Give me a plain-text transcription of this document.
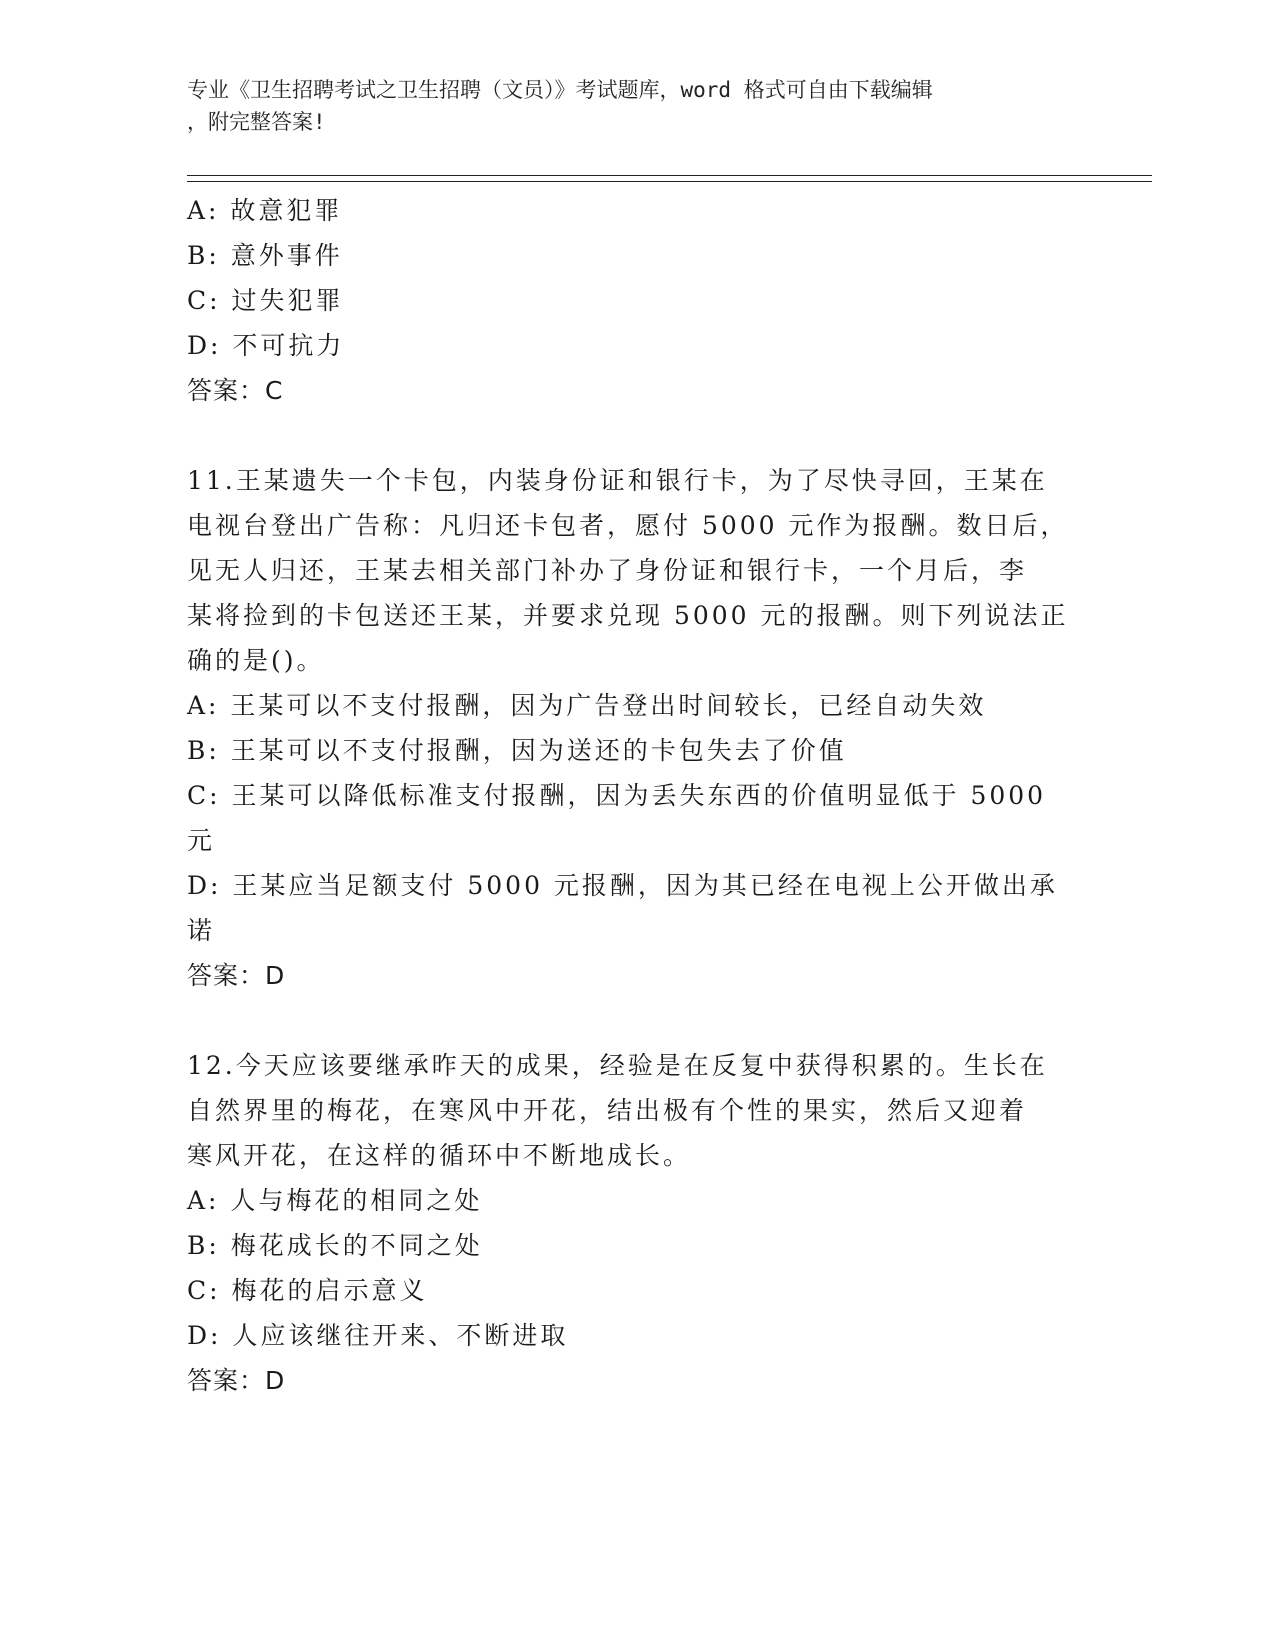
专业《卫生招聘考试之卫生招聘（文员）》考试题库，word 格式可自由下载编辑
，附完整答案!

A: 故意犯罪

B: 意外事件

C: 过失犯罪

D: 不可抗力

答案：C

11.王某遗失一个卡包，内装身份证和银行卡，为了尽快寻回，王某在

电视台登出广告称：凡归还卡包者，愿付 5000 元作为报酬。数日后，

见无人归还，王某去相关部门补办了身份证和银行卡，一个月后，李

某将捡到的卡包送还王某，并要求兑现 5000 元的报酬。则下列说法正

确的是()。

A: 王某可以不支付报酬，因为广告登出时间较长，已经自动失效

B: 王某可以不支付报酬，因为送还的卡包失去了价值

C: 王某可以降低标准支付报酬，因为丢失东西的价值明显低于 5000

元

D: 王某应当足额支付 5000 元报酬，因为其已经在电视上公开做出承

诺

答案：D

12.今天应该要继承昨天的成果，经验是在反复中获得积累的。生长在

自然界里的梅花，在寒风中开花，结出极有个性的果实，然后又迎着

寒风开花，在这样的循环中不断地成长。

A: 人与梅花的相同之处

B: 梅花成长的不同之处

C: 梅花的启示意义

D: 人应该继往开来、不断进取

答案：D
